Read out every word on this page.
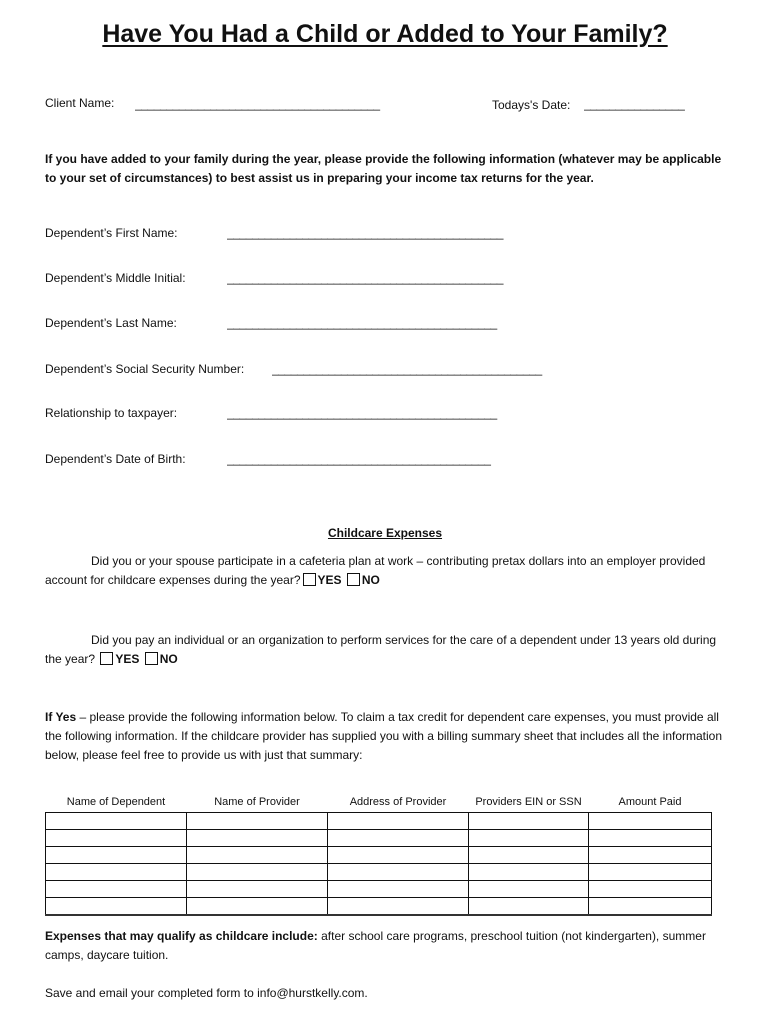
Have You Had a Child or Added to Your Family?
Client Name: _______________________________________	Todays's Date: ________________
If you have added to your family during the year, please provide the following information (whatever may be applicable to your set of circumstances) to best assist us in preparing your income tax returns for the year.
Dependent’s First Name:	____________________________________________
Dependent’s Middle Initial:	____________________________________________
Dependent’s Last Name:	___________________________________________
Dependent’s Social Security Number: ___________________________________________
Relationship to taxpayer:	___________________________________________
Dependent’s Date of Birth:	__________________________________________
Childcare Expenses
Did you or your spouse participate in a cafeteria plan at work – contributing pretax dollars into an employer provided account for childcare expenses during the year? YES NO
Did you pay an individual or an organization to perform services for the care of a dependent under 13 years old during the year? YES NO
If Yes – please provide the following information below. To claim a tax credit for dependent care expenses, you must provide all the following information. If the childcare provider has supplied you with a billing summary sheet that includes all the information below, please feel free to provide us with just that summary:
Name of Dependent	Name of Provider	Address of Provider	Providers EIN or SSN	Amount Paid

Expenses that may qualify as childcare include: after school care programs, preschool tuition (not kindergarten), summer camps, daycare tuition.
Save and email your completed form to info@hurstkelly.com.
